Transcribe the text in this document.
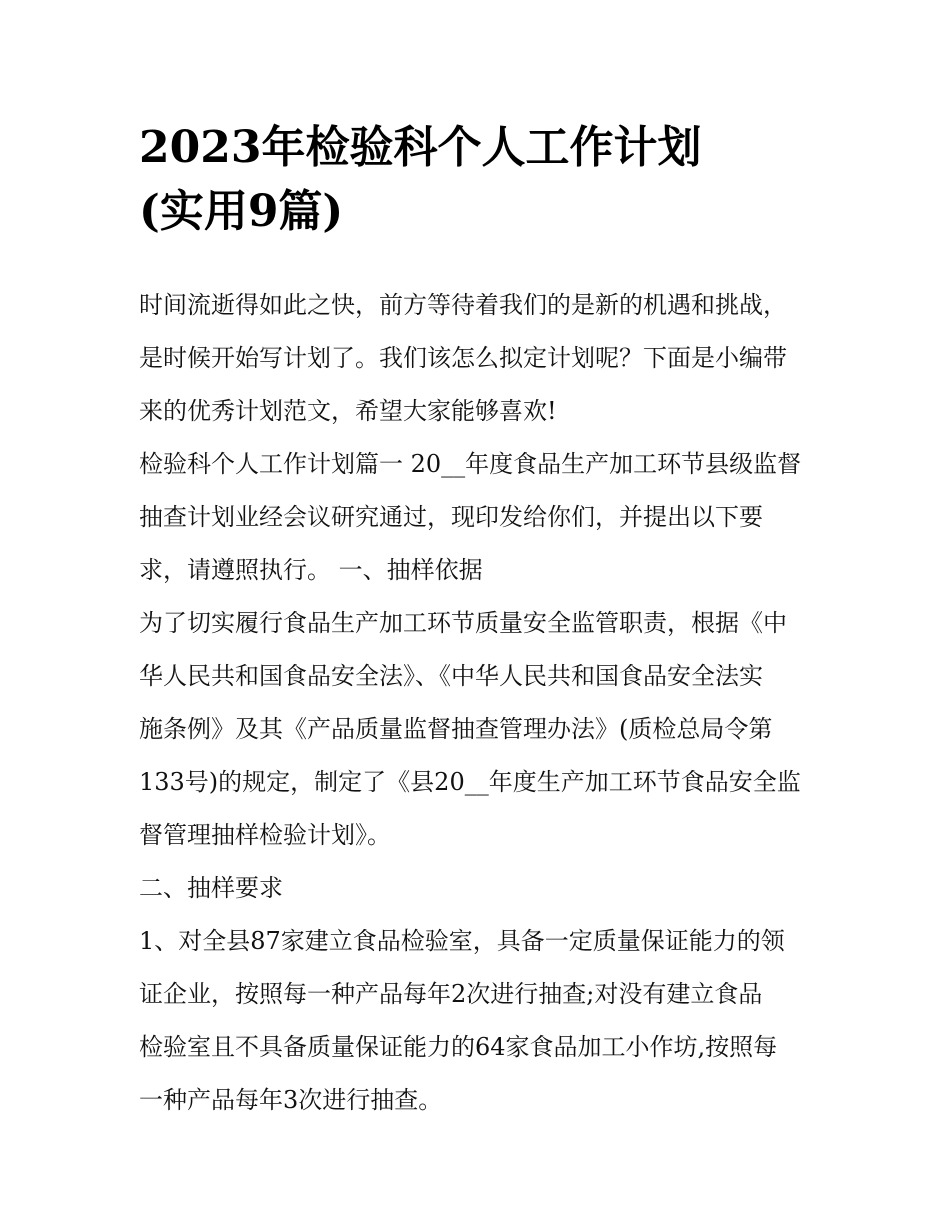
2023年检验科个人工作计划
(实用9篇)
时间流逝得如此之快，前方等待着我们的是新的机遇和挑战，
是时候开始写计划了。我们该怎么拟定计划呢？下面是小编带
来的优秀计划范文，希望大家能够喜欢!
检验科个人工作计划篇一 20__年度食品生产加工环节县级监督
抽查计划业经会议研究通过，现印发给你们，并提出以下要
求，请遵照执行。 一、抽样依据
为了切实履行食品生产加工环节质量安全监管职责，根据《中
华人民共和国食品安全法》、《中华人民共和国食品安全法实
施条例》及其《产品质量监督抽查管理办法》(质检总局令第
133号)的规定，制定了《县20__年度生产加工环节食品安全监
督管理抽样检验计划》。
二、抽样要求
1、对全县87家建立食品检验室，具备一定质量保证能力的领
证企业，按照每一种产品每年2次进行抽查;对没有建立食品
检验室且不具备质量保证能力的64家食品加工小作坊,按照每
一种产品每年3次进行抽查。
